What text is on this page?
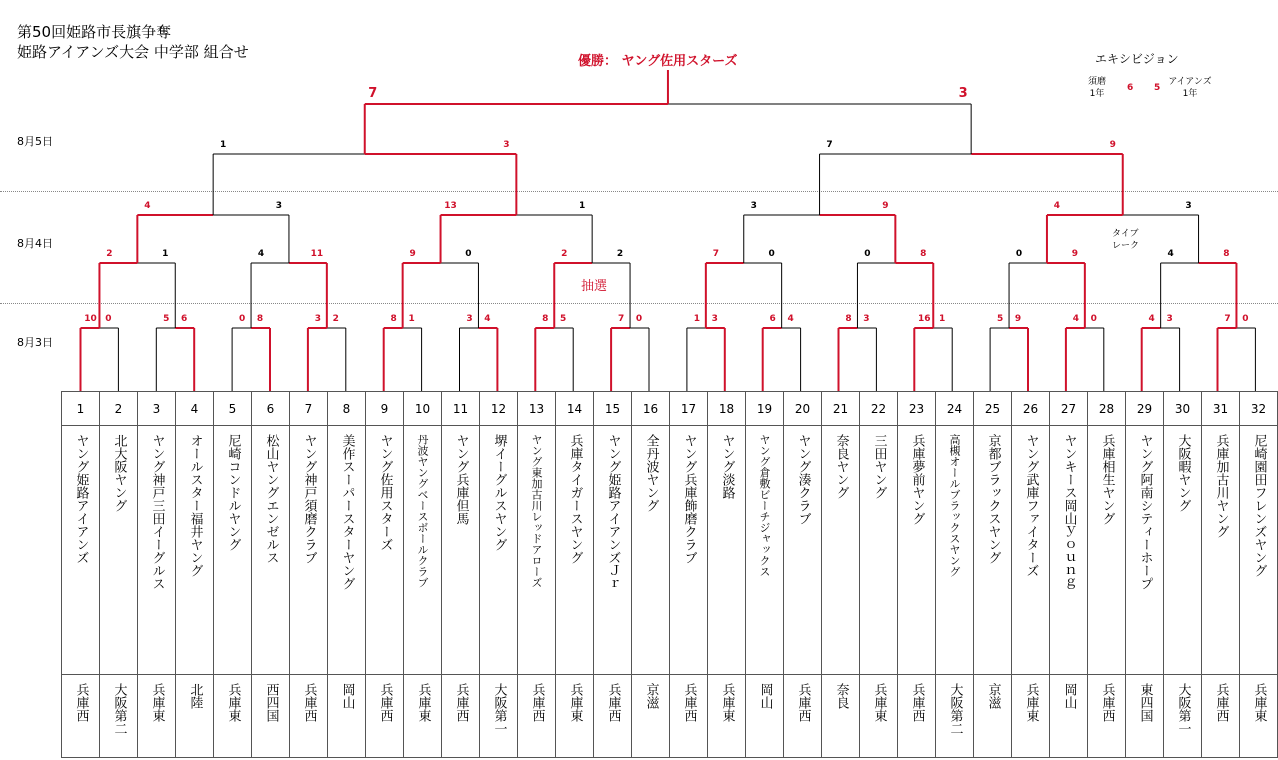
第50回姫路市長旗争奪
姫路アイアンズ大会 中学部 組合せ
優勝： ヤング佐用スターズ
8月5日
8月4日
8月3日
エキシビジョン
須磨
1年
6 5
アイアンズ
1年
抽選
タイブ
レーク
10 0	5 6	0 8	3 2	8 1	3 4	8 5	7 0	1 3	6 4	8 3	16 1	5 9	4 0	4 3	7 0
2	1	4	11	9	0	2	2	7	0	0	8	0	9	4	8
4	3	13	1	3	9	4	3
1	3	7	9
7	3
1	2	3	4	5	6	7	8	9	10	11	12	13	14	15	16	17	18	19	20	21	22	23	24	25	26	27	28	29	30	31	32

ヤング姫路アイアンズ	北大阪ヤング	ヤング神戸三田イーグルス	オールスター福井ヤング	尼崎コンドルヤング	松山ヤングエンゼルス	ヤング神戸須磨クラブ	美作スーパースターヤング	ヤング佐用スターズ	丹波ヤングベースボールクラブ	ヤング兵庫但馬	堺イーグルスヤング	ヤング東加古川レッドアローズ	兵庫タイガースヤング	ヤング姫路アイアンズＪｒ	全丹波ヤング	ヤング兵庫飾磨クラブ	ヤング淡路	ヤング倉敷ビーチジャックス	ヤング湊クラブ	奈良ヤング	三田ヤング	兵庫夢前ヤング	高槻オールブラックスヤング	京都ブラックスヤング	ヤング武庫ファイターズ	ヤンキース岡山ｙｏｕｎｇ	兵庫相生ヤング	ヤング阿南シティーホープ	大阪暇ヤング	兵庫加古川ヤング	尼崎園田フレンズヤング

兵庫西	大阪第二	兵庫東	北陸	兵庫東	西四国	兵庫西	岡山	兵庫西	兵庫東	兵庫西	大阪第一	兵庫西	兵庫東	兵庫西	京滋	兵庫西	兵庫東	岡山	兵庫西	奈良	兵庫東	兵庫西	大阪第二	京滋	兵庫東	岡山	兵庫西	東四国	大阪第一	兵庫西	兵庫東
